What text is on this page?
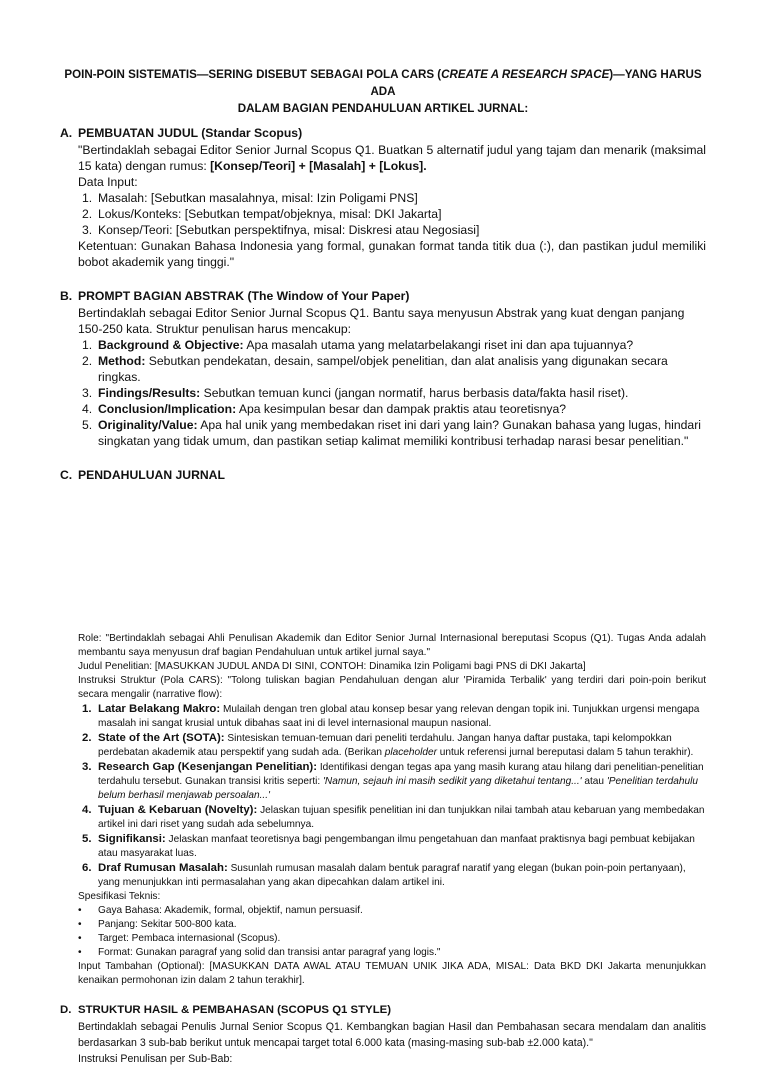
POIN-POIN SISTEMATIS—SERING DISEBUT SEBAGAI POLA CARS (CREATE A RESEARCH SPACE)—YANG HARUS ADA
DALAM BAGIAN PENDAHULUAN ARTIKEL JURNAL:
A. PEMBUATAN JUDUL (Standar Scopus)

"Bertindaklah sebagai Editor Senior Jurnal Scopus Q1. Buatkan 5 alternatif judul yang tajam dan menarik (maksimal 15 kata) dengan rumus: [Konsep/Teori] + [Masalah] + [Lokus].

Data Input:

1. Masalah: [Sebutkan masalahnya, misal: Izin Poligami PNS]
2. Lokus/Konteks: [Sebutkan tempat/objeknya, misal: DKI Jakarta]
3. Konsep/Teori: [Sebutkan perspektifnya, misal: Diskresi atau Negosiasi]

Ketentuan: Gunakan Bahasa Indonesia yang formal, gunakan format tanda titik dua (:), dan pastikan judul memiliki bobot akademik yang tinggi."

B. PROMPT BAGIAN ABSTRAK (The Window of Your Paper)

Bertindaklah sebagai Editor Senior Jurnal Scopus Q1. Bantu saya menyusun Abstrak yang kuat dengan panjang 150-250 kata. Struktur penulisan harus mencakup:

1. Background & Objective: Apa masalah utama yang melatarbelakangi riset ini dan apa tujuannya?
2. Method: Sebutkan pendekatan, desain, sampel/objek penelitian, dan alat analisis yang digunakan secara ringkas.
3. Findings/Results: Sebutkan temuan kunci (jangan normatif, harus berbasis data/fakta hasil riset).
4. Conclusion/Implication: Apa kesimpulan besar dan dampak praktis atau teoretisnya?
5. Originality/Value: Apa hal unik yang membedakan riset ini dari yang lain? Gunakan bahasa yang lugas, hindari singkatan yang tidak umum, dan pastikan setiap kalimat memiliki kontribusi terhadap narasi besar penelitian."
C. PENDAHULUAN JURNAL

Role: "Bertindaklah sebagai Ahli Penulisan Akademik dan Editor Senior Jurnal Internasional bereputasi Scopus (Q1). Tugas Anda adalah membantu saya menyusun draf bagian Pendahuluan untuk artikel jurnal saya."

Judul Penelitian: [MASUKKAN JUDUL ANDA DI SINI, CONTOH: Dinamika Izin Poligami bagi PNS di DKI Jakarta]

Instruksi Struktur (Pola CARS): "Tolong tuliskan bagian Pendahuluan dengan alur 'Piramida Terbalik' yang terdiri dari poin-poin berikut secara mengalir (narrative flow):

1. Latar Belakang Makro: Mulailah dengan tren global atau konsep besar yang relevan dengan topik ini. Tunjukkan urgensi mengapa masalah ini sangat krusial untuk dibahas saat ini di level internasional maupun nasional.
2. State of the Art (SOTA): Sintesiskan temuan-temuan dari peneliti terdahulu. Jangan hanya daftar pustaka, tapi kelompokkan perdebatan akademik atau perspektif yang sudah ada. (Berikan placeholder untuk referensi jurnal bereputasi dalam 5 tahun terakhir).
3. Research Gap (Kesenjangan Penelitian): Identifikasi dengan tegas apa yang masih kurang atau hilang dari penelitian-penelitian terdahulu tersebut. Gunakan transisi kritis seperti: 'Namun, sejauh ini masih sedikit yang diketahui tentang...' atau 'Penelitian terdahulu belum berhasil menjawab persoalan...'
4. Tujuan & Kebaruan (Novelty): Jelaskan tujuan spesifik penelitian ini dan tunjukkan nilai tambah atau kebaruan yang membedakan artikel ini dari riset yang sudah ada sebelumnya.
5. Signifikansi: Jelaskan manfaat teoretisnya bagi pengembangan ilmu pengetahuan dan manfaat praktisnya bagi pembuat kebijakan atau masyarakat luas.
6. Draf Rumusan Masalah: Susunlah rumusan masalah dalam bentuk paragraf naratif yang elegan (bukan poin-poin pertanyaan), yang menunjukkan inti permasalahan yang akan dipecahkan dalam artikel ini.

Spesifikasi Teknis:

•	Gaya Bahasa: Akademik, formal, objektif, namun persuasif.
•	Panjang: Sekitar 500-800 kata.
•	Target: Pembaca internasional (Scopus).
•	Format: Gunakan paragraf yang solid dan transisi antar paragraf yang logis."

Input Tambahan (Optional): [MASUKKAN DATA AWAL ATAU TEMUAN UNIK JIKA ADA, MISAL: Data BKD DKI Jakarta menunjukkan kenaikan permohonan izin dalam 2 tahun terakhir].

D. STRUKTUR HASIL & PEMBAHASAN (SCOPUS Q1 STYLE)

Bertindaklah sebagai Penulis Jurnal Senior Scopus Q1. Kembangkan bagian Hasil dan Pembahasan secara mendalam dan analitis berdasarkan 3 sub-bab berikut untuk mencapai target total 6.000 kata (masing-masing sub-bab ±2.000 kata)."

Instruksi Penulisan per Sub-Bab:
